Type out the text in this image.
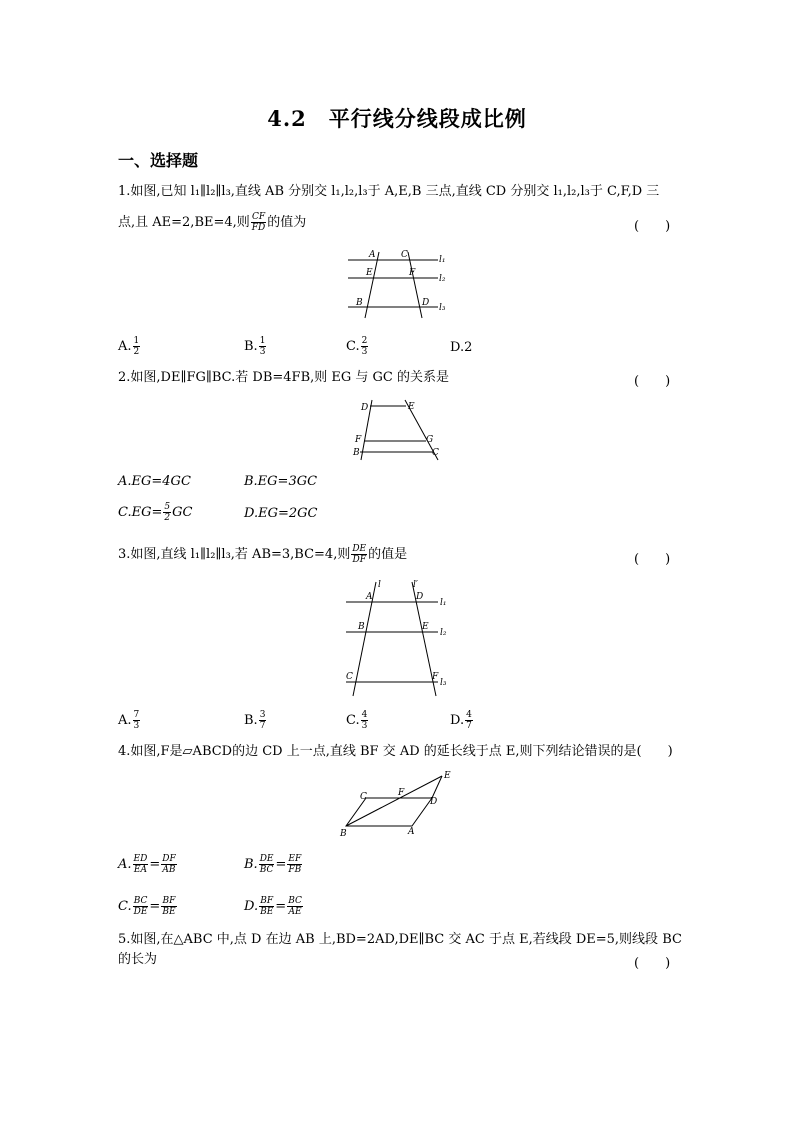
4.2　平行线分线段成比例
一、选择题
1.如图,已知 l₁∥l₂∥l₃,直线 AB 分别交 l₁,l₂,l₃于 A,E,B 三点,直线 CD 分别交 l₁,l₂,l₃于 C,F,D 三
点,且 AE=2,BE=4,则 $\frac{CF}{FD}$ 的值为	(　　)
A	C
E	F
B	D
l₁
l₂
l₃
A. $\frac{1}{2}$	B. $\frac{1}{3}$	C. $\frac{2}{3}$	D.2
2.如图,DE∥FG∥BC.若 DB=4FB,则 EG 与 GC 的关系是	(　　)
D	E
F	G
B	C
A.EG=4GC	B.EG=3GC
$C.EG= \frac{5}{2}$ GC	D.EG=2GC
3.如图,直线 l₁∥l₂∥l₃,若 AB=3,BC=4,则 $\frac{DE}{DF}$ 的值是	(　　)
l	l′
A	D
B	E
C	F
l₁
l₂
l₃
A. $\frac{7}{3}$	B. $\frac{3}{7}$	C. $\frac{4}{3}$	D. $\frac{4}{7}$
4.如图,F是▱ABCD的边 CD 上一点,直线 BF 交 AD 的延长线于点 E,则下列结论错误的是(　　)
E
C	F
D
B	A
A. $\frac{ED}{EA} = \frac{DF}{AB}$	B. $\frac{DE}{BC} = \frac{EF}{FB}$
C. $\frac{BC}{DE} = \frac{BF}{BE}$	D. $\frac{BF}{BE} = \frac{BC}{AE}$
5.如图,在△ABC 中,点 D 在边 AB 上,BD=2AD,DE∥BC 交 AC 于点 E,若线段 DE=5,则线段 BC
的长为	(　　)
